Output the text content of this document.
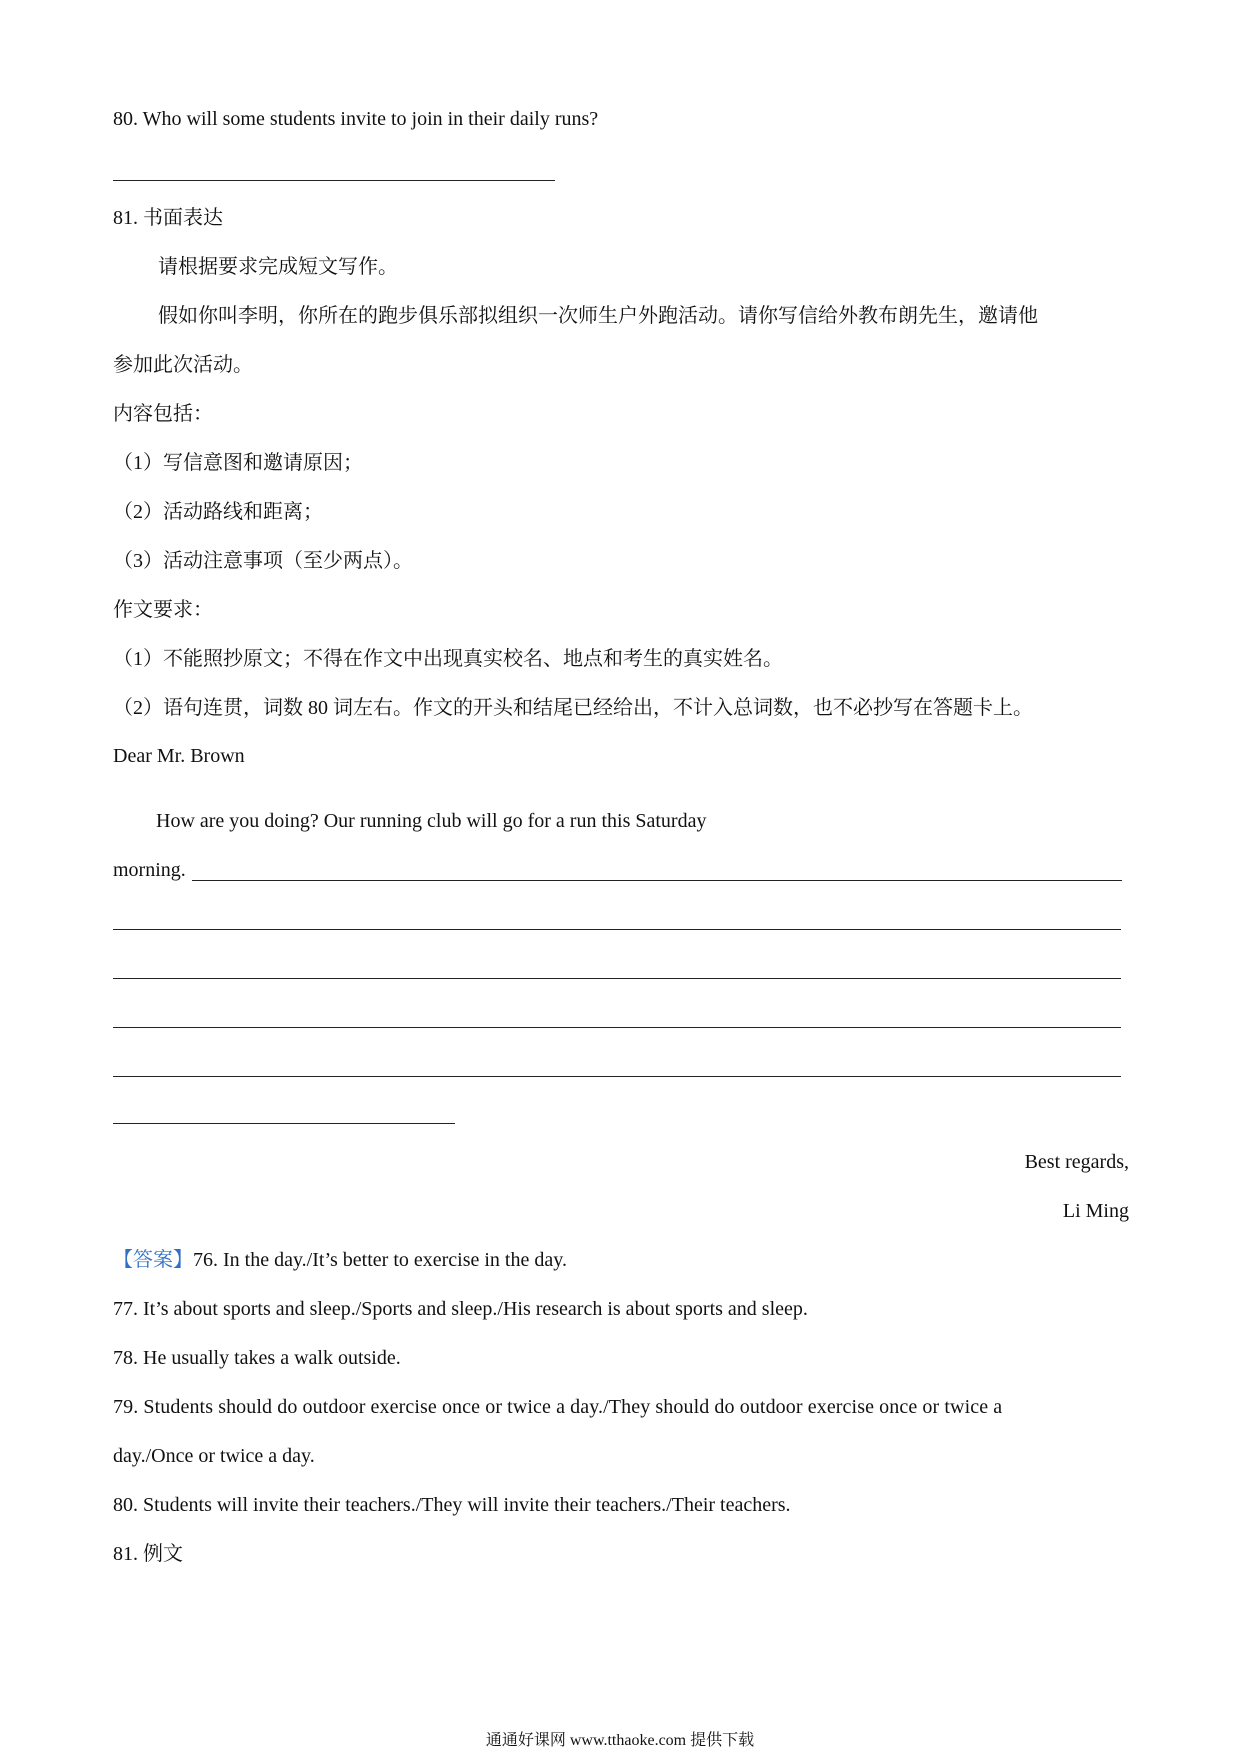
80. Who will some students invite to join in their daily runs?
81. 书面表达
请根据要求完成短文写作。
假如你叫李明，你所在的跑步俱乐部拟组织一次师生户外跑活动。请你写信给外教布朗先生，邀请他
参加此次活动。
内容包括：
（1）写信意图和邀请原因；
（2）活动路线和距离；
（3）活动注意事项（至少两点）。
作文要求：
（1）不能照抄原文；不得在作文中出现真实校名、地点和考生的真实姓名。
（2）语句连贯，词数 80 词左右。作文的开头和结尾已经给出，不计入总词数，也不必抄写在答题卡上。
Dear Mr. Brown
How are you doing? Our running club will go for a run this Saturday
morning.
Best regards,
Li Ming
【答案】76. In the day./It’s better to exercise in the day.
77. It’s about sports and sleep./Sports and sleep./His research is about sports and sleep.
78. He usually takes a walk outside.
79. Students should do outdoor exercise once or twice a day./They should do outdoor exercise once or twice a
day./Once or twice a day.
80. Students will invite their teachers./They will invite their teachers./Their teachers.
81. 例文
通通好课网 www.tthaoke.com 提供下载
